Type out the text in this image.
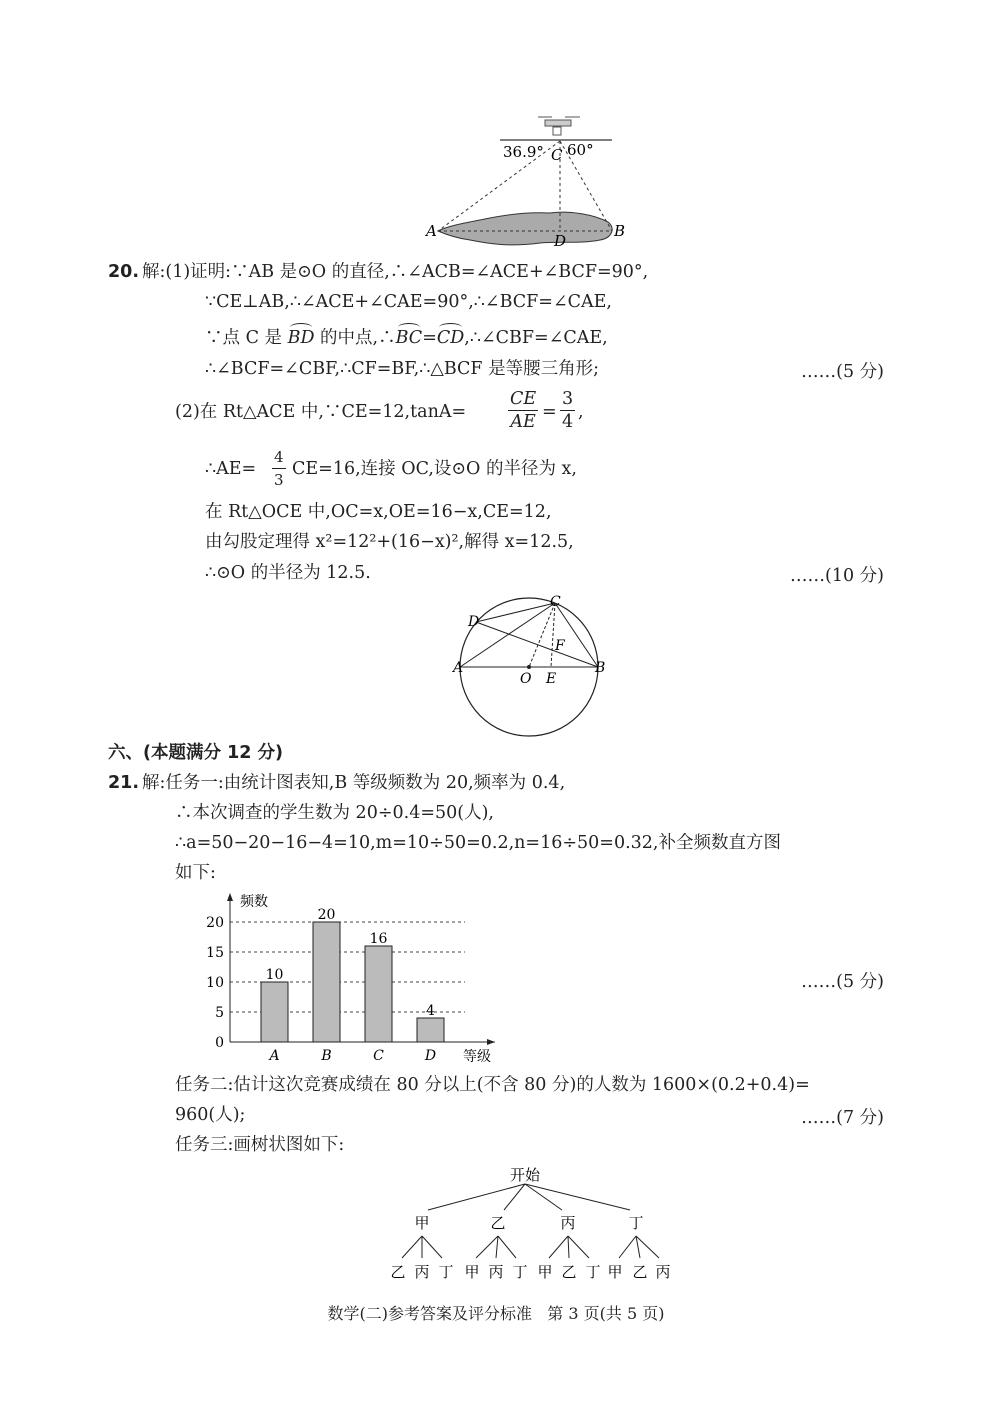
36.9° 60°
C
A	B
D
20. 解:(1)证明:∵AB 是⊙O 的直径,∴∠ACB=∠ACE+∠BCF=90°,
∵CE⊥AB,∴∠ACE+∠CAE=90°,∴∠BCF=∠CAE,
∵点 C 是 BD 的中点,∴BC=CD,∴∠CBF=∠CAE,
∴∠BCF=∠CBF,∴CF=BF,∴△BCF 是等腰三角形;	……(5 分)
(2)在 Rt△ACE 中,∵CE=12,tanA= $\frac{CE}{AE} = \frac{3}{4}$ ,
∴AE= $\frac{4}{3} CE=16$,连接 OC,设⊙O 的半径为 x,
在 Rt△OCE 中,OC=x,OE=16−x,CE=12,
由勾股定理得 x²=12²+(16−x)²,解得 x=12.5,
∴⊙O 的半径为 12.5.	……(10 分)
C
D
A	B
F
O E
六、(本题满分 12 分)
21. 解:任务一:由统计图表知,B 等级频数为 20,频率为 0.4,
∴本次调查的学生数为 20÷0.4=50(人),
∴a=50−20−16−4=10,m=10÷50=0.2,n=16÷50=0.32,补全频数直方图
如下:
0
5
10
15
20
10
A
20
B
16
C
4
D
频数
等级
……(5 分)
任务二:估计这次竞赛成绩在 80 分以上(不含 80 分)的人数为 1600×(0.2+0.4)=
960(人);	……(7 分)
任务三:画树状图如下:
开始
甲
乙 丙 丁
乙
甲 丙 丁
丙
甲 乙 丁
丁
甲 乙 丙
数学(二)参考答案及评分标准   第 3 页(共 5 页)
